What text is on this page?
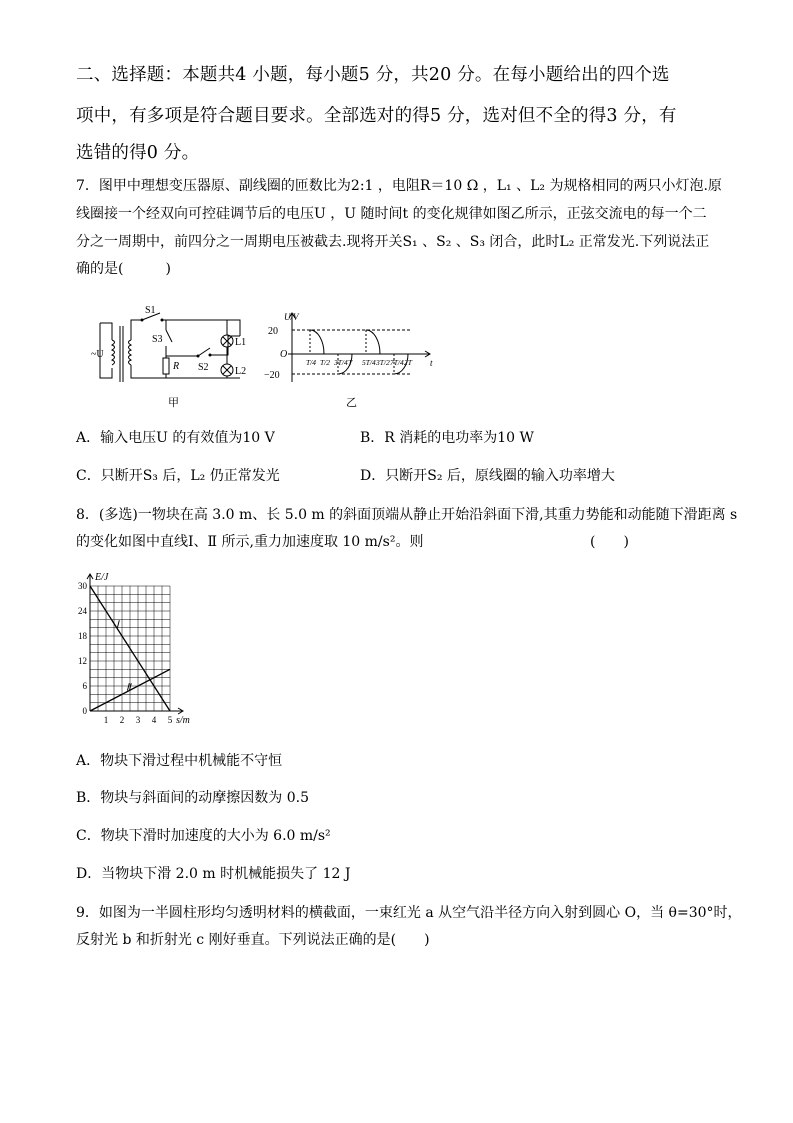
二、选择题：本题共4 小题，每小题5 分，共20 分。在每小题给出的四个选
项中，有多项是符合题目要求。全部选对的得5 分，选对但不全的得3 分，有
选错的得0 分。
7．图甲中理想变压器原、副线圈的匝数比为2:1 ，电阻R＝10 Ω ，L₁ 、L₂ 为规格相同的两只小灯泡.原
线圈接一个经双向可控硅调节后的电压U ，U 随时间t 的变化规律如图乙所示，正弦交流电的每一个二
分之一周期中，前四分之一周期电压被截去.现将开关S₁ 、S₂ 、S₃ 闭合，此时L₂ 正常发光.下列说法正
确的是(　　　)
S1
S3
S2
R
L1
L2
~U
甲
U/V
20
−20
O
T/4 T/2 3T/4 T 5T/4 3T/2 7T/4 2T t
乙
A．输入电压U 的有效值为10 V	B．R 消耗的电功率为10 W
C．只断开S₃ 后，L₂ 仍正常发光	D．只断开S₂ 后，原线圈的输入功率增大
8．(多选)一物块在高 3.0 m、长 5.0 m 的斜面顶端从静止开始沿斜面下滑,其重力势能和动能随下滑距离 s
的变化如图中直线Ⅰ、Ⅱ 所示,重力加速度取 10 m/s²。则	(　　)
0
6
12
18
24
30
1 2 3 4 5
Ⅰ
Ⅱ
s/m
E/J
A．物块下滑过程中机械能不守恒
B．物块与斜面间的动摩擦因数为 0.5
C．物块下滑时加速度的大小为 6.0 m/s²
D．当物块下滑 2.0 m 时机械能损失了 12 J
9．如图为一半圆柱形均匀透明材料的横截面，一束红光 a 从空气沿半径方向入射到圆心 O，当 θ=30°时，
反射光 b 和折射光 c 刚好垂直。下列说法正确的是(　　)
